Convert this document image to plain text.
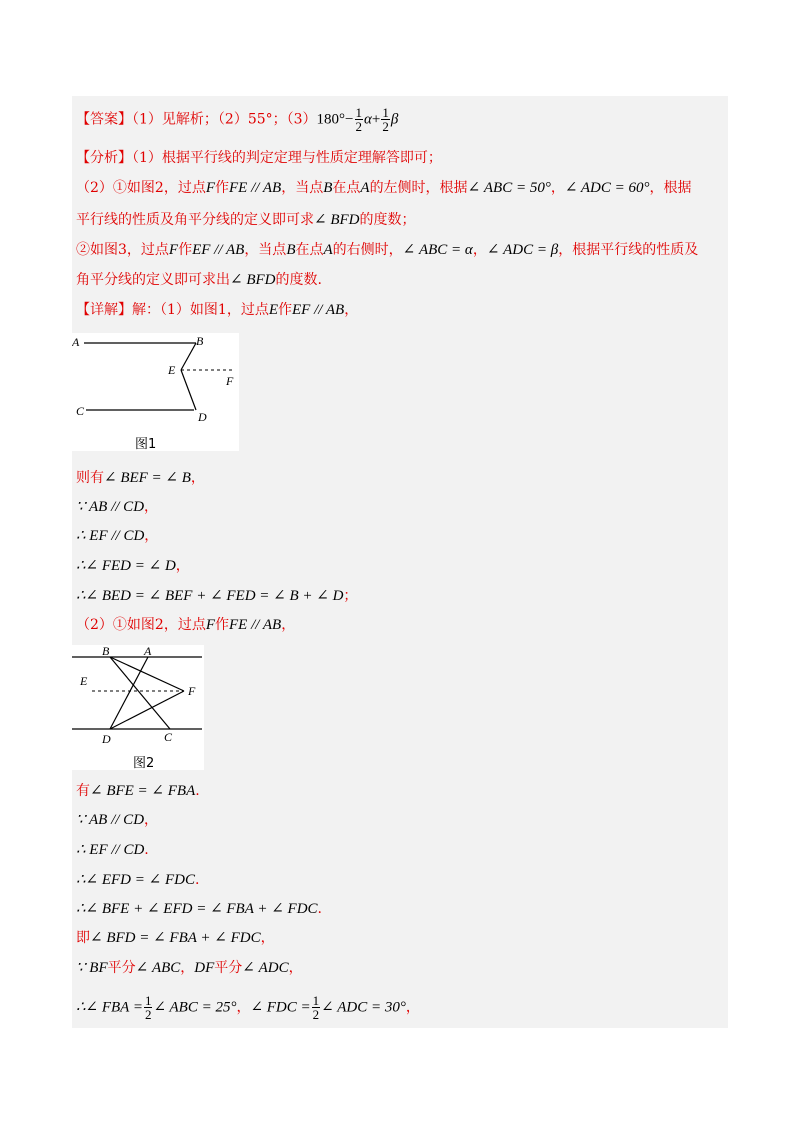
【答案】（1）见解析；（2）55°；$(3)180^\circ- \frac{1}{2} \alpha+ \frac{1}{2}$ β
【分析】（1）根据平行线的判定定理与性质定理解答即可；
（2）①如图2，过点F作FE // AB，当点B在点A的左侧时，根据∠ ABC = 50°，∠ ADC = 60°，根据
平行线的性质及角平分线的定义即可求∠ BFD的度数；
②如图3，过点F作EF // AB，当点B在点A的右侧时，∠ ABC = α，∠ ADC = β，根据平行线的性质及
角平分线的定义即可求出∠ BFD的度数.
【详解】解：（1）如图1，过点E作EF // AB，
A	B
E
F
C	D
图1
则有∠ BEF = ∠ B，
∵ AB // CD，
∴ EF // CD，
∴∠ FED = ∠ D，
∴∠ BED = ∠ BEF + ∠ FED = ∠ B + ∠ D；
（2）①如图2，过点F作FE // AB，
B	A
E
F
D	C
图2
有∠ BFE = ∠ FBA.
∵ AB // CD，
∴ EF // CD.
∴∠ EFD = ∠ FDC.
∴∠ BFE + ∠ EFD = ∠ FBA + ∠ FDC.
即∠ BFD = ∠ FBA + ∠ FDC，
∵ BF平分∠ ABC，DF平分∠ ADC，
∴∠ FBA = $\frac{1}{2}$ ∠ ABC = 25°，∠ FDC = $\frac{1}{2}$ ∠ ADC = 30°，
